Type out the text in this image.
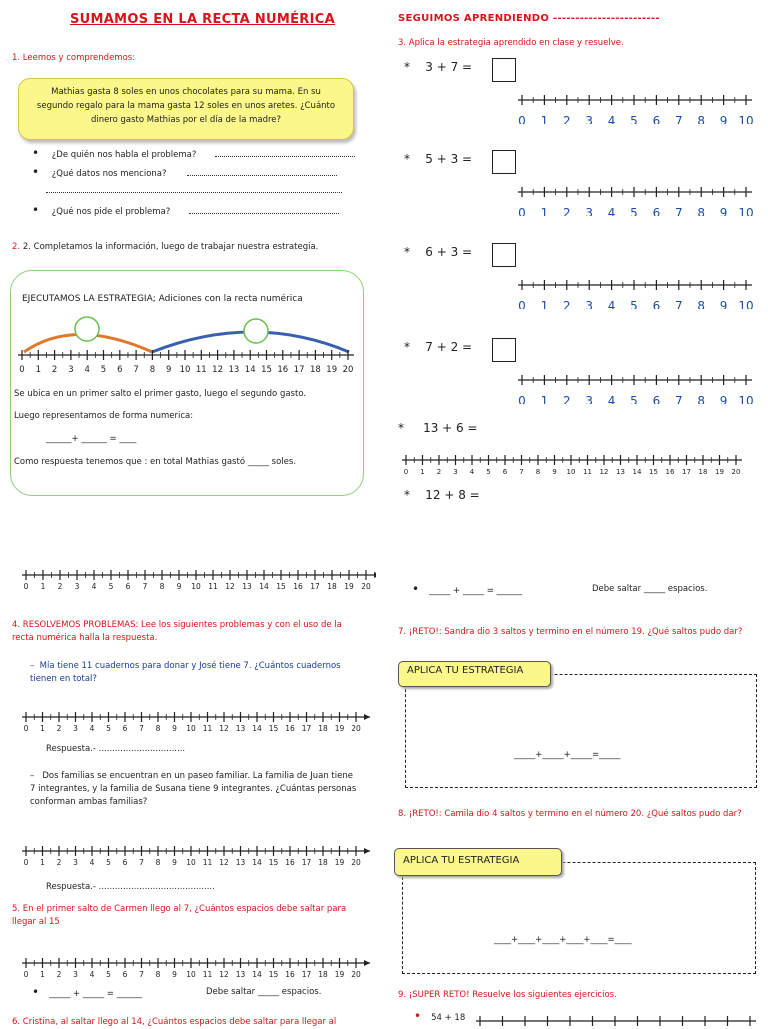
SUMAMOS EN LA RECTA NUMÉRICA
1. Leemos y comprendemos:

Mathias gasta 8 soles en unos chocolates para su mama. En su segundo regalo para la mama gasta 12 soles en unos aretes. ¿Cuánto dinero gasto Mathias por el día de la madre?

• ¿De quién nos habla el problema?
• ¿Qué datos nos menciona?
• ¿Qué nos pide el problema?
2. 2. Completamos la información, luego de trabajar nuestra estrategia.
EJECUTAMOS LA ESTRATEGIA; Adiciones con la recta numérica
0 1 2 3 4 5 6 7 8 9 10 11 12 13 14 15 16 17 18 19 20
Se ubica en un primer salto el primer gasto, luego el segundo gasto.
Luego representamos de forma numerica:
______+ ______ = ____
Como respuesta tenemos que : en total Mathias gastó _____ soles.
0 1 2 3 4 5 6 7 8 9 10 11 12 13 14 15 16 17 18 19 20
4. RESOLVEMOS PROBLEMAS: Lee los siguientes problemas y con el uso de la recta numérica halla la respuesta.
–  Mía tiene 11 cuadernos para donar y José tiene 7. ¿Cuántos cuadernos tienen en total?
0 1 2 3 4 5 6 7 8 9 10 11 12 13 14 15 16 17 18 19 20
Respuesta.- ................................
–   Dos familias se encuentran en un paseo familiar. La familia de Juan tiene 7 integrantes, y la familia de Susana tiene 9 integrantes. ¿Cuántas personas conforman ambas familias?
0 1 2 3 4 5 6 7 8 9 10 11 12 13 14 15 16 17 18 19 20
Respuesta.- ...........................................
5. En el primer salto de Carmen llego al 7, ¿Cuántos espacios debe saltar para llegar al 15
0 1 2 3 4 5 6 7 8 9 10 11 12 13 14 15 16 17 18 19 20
• _____ + _____ = ______	Debe saltar _____ espacios.
6. Cristina, al saltar llego al 14, ¿Cuántos espacios debe saltar para llegar al
SEGUIMOS APRENDIENDO ------------------------
3. Aplica la estrategia aprendido en clase y resuelve.
*    3 + 7 =
0 1 2 3 4 5 6 7 8 9 10
*    5 + 3 =
0 1 2 3 4 5 6 7 8 9 10
*    6 + 3 =
0 1 2 3 4 5 6 7 8 9 10
*    7 + 2 =
0 1 2 3 4 5 6 7 8 9 10
*     13 + 6 =
0 1 2 3 4 5 6 7 8 9 10 11 12 13 14 15 16 17 18 19 20
*    12 + 8 =
• _____ + _____ = ______	Debe saltar _____ espacios.
7. ¡RETO!: Sandra dio 3 saltos y termino en el número 19. ¿Qué saltos pudo dar?
APLICA TU ESTRATEGIA
_____+_____+_____=_____
8. ¡RETO!: Camila dio 4 saltos y termino en el número 20. ¿Qué saltos pudo dar?
APLICA TU ESTRATEGIA
____+____+____+____+____=____
9. ¡SUPER RETO! Resuelve los siguientes ejercicios.
• 54 + 18
